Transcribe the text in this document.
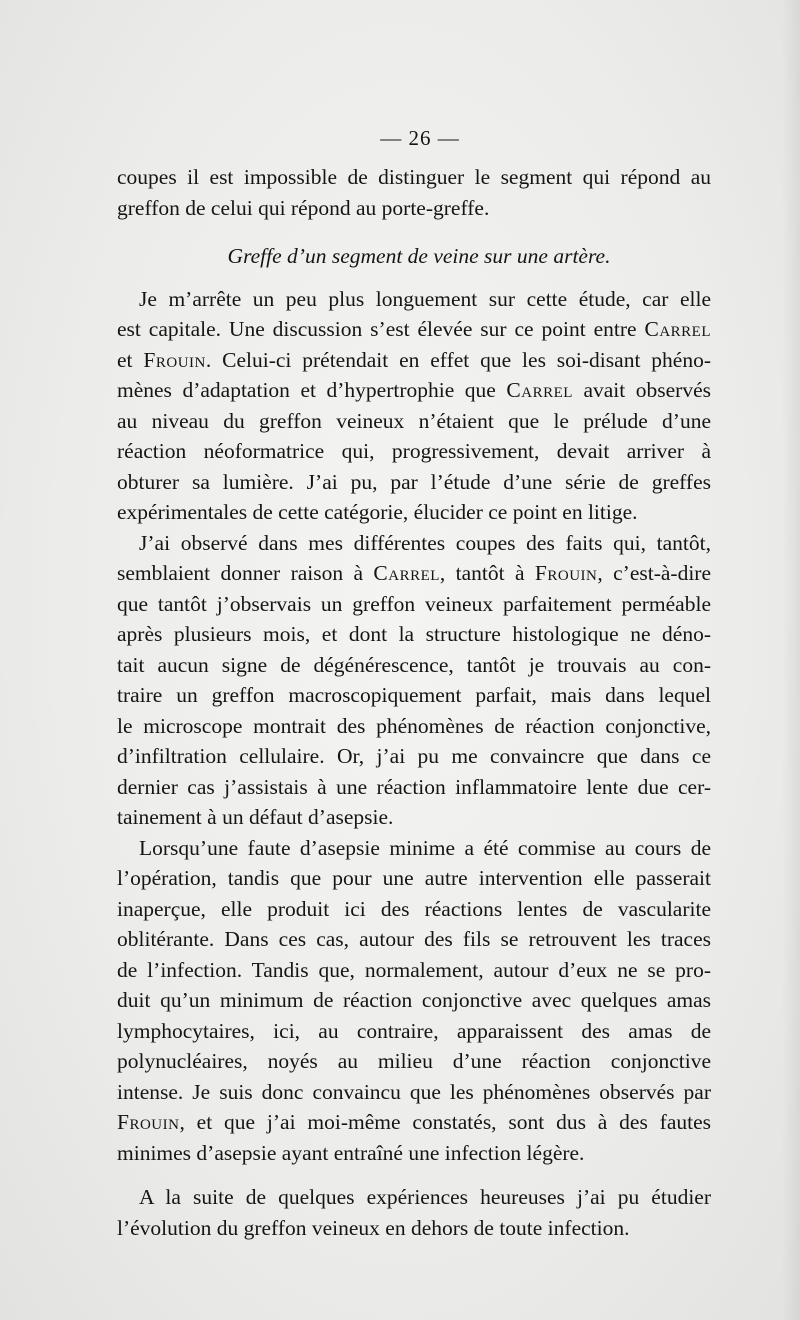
— 26 —
coupes il est impossible de distinguer le segment qui répond au
greffon de celui qui répond au porte-greffe.
Greffe d’un segment de veine sur une artère.
Je m’arrête un peu plus longuement sur cette étude, car elle
est capitale. Une discussion s’est élevée sur ce point entre Carrel
et Frouin. Celui-ci prétendait en effet que les soi-disant phéno-
mènes d’adaptation et d’hypertrophie que Carrel avait observés
au niveau du greffon veineux n’étaient que le prélude d’une
réaction néoformatrice qui, progressivement, devait arriver à
obturer sa lumière. J’ai pu, par l’étude d’une série de greffes
expérimentales de cette catégorie, élucider ce point en litige.
J’ai observé dans mes différentes coupes des faits qui, tantôt,
semblaient donner raison à Carrel, tantôt à Frouin, c’est-à-dire
que tantôt j’observais un greffon veineux parfaitement perméable
après plusieurs mois, et dont la structure histologique ne déno-
tait aucun signe de dégénérescence, tantôt je trouvais au con-
traire un greffon macroscopiquement parfait, mais dans lequel
le microscope montrait des phénomènes de réaction conjonctive,
d’infiltration cellulaire. Or, j’ai pu me convaincre que dans ce
dernier cas j’assistais à une réaction inflammatoire lente due cer-
tainement à un défaut d’asepsie.
Lorsqu’une faute d’asepsie minime a été commise au cours de
l’opération, tandis que pour une autre intervention elle passerait
inaperçue, elle produit ici des réactions lentes de vascularite
oblitérante. Dans ces cas, autour des fils se retrouvent les traces
de l’infection. Tandis que, normalement, autour d’eux ne se pro-
duit qu’un minimum de réaction conjonctive avec quelques amas
lymphocytaires, ici, au contraire, apparaissent des amas de
polynucléaires, noyés au milieu d’une réaction conjonctive
intense. Je suis donc convaincu que les phénomènes observés par
Frouin, et que j’ai moi-même constatés, sont dus à des fautes
minimes d’asepsie ayant entraîné une infection légère.
A la suite de quelques expériences heureuses j’ai pu étudier
l’évolution du greffon veineux en dehors de toute infection.
